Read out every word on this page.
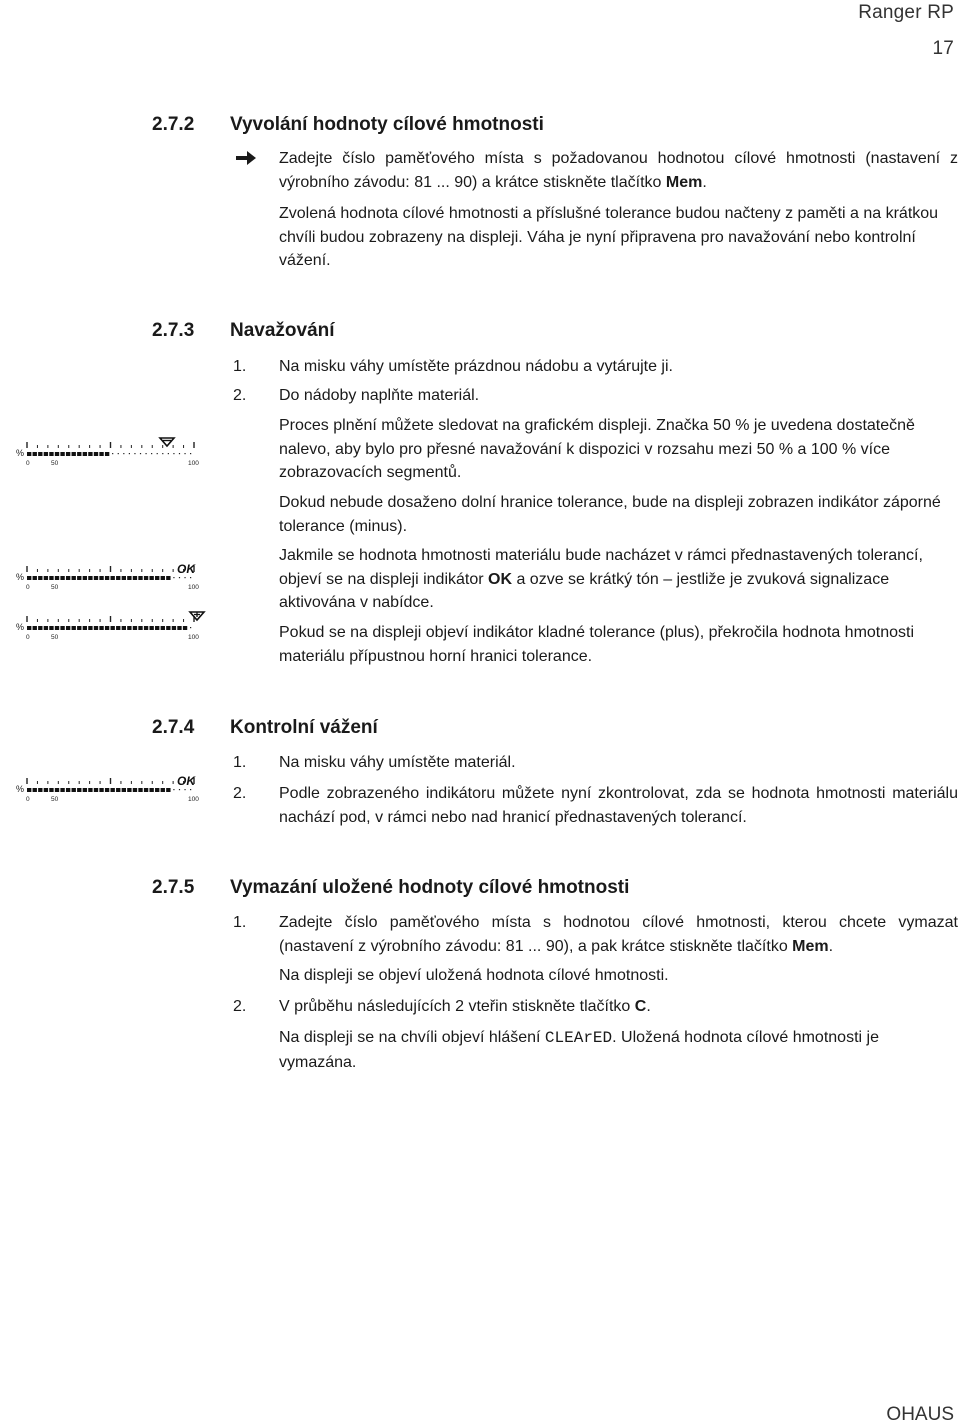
Ranger RP
17
2.7.2 Vyvolání hodnoty cílové hmotnosti
Zadejte číslo paměťového místa s požadovanou hodnotou cílové hmotnosti (nastavení z výrobního závodu: 81 ... 90) a krátce stiskněte tlačítko Mem.
Zvolená hodnota cílové hmotnosti a příslušné tolerance budou načteny z paměti a na krátkou chvíli budou zobrazeny na displeji. Váha je nyní připravena pro navažování nebo kontrolní vážení.
2.7.3 Navažování
1. Na misku váhy umístěte prázdnou nádobu a vytárujte ji.
2. Do nádoby naplňte materiál.
Proces plnění můžete sledovat na grafickém displeji. Značka 50 % je uvedena dostatečně nalevo, aby bylo pro přesné navažování k dispozici v rozsahu mezi 50 % a 100 % více zobrazovacích segmentů.
Dokud nebude dosaženo dolní hranice tolerance, bude na displeji zobrazen indikátor záporné tolerance (minus).
Jakmile se hodnota hmotnosti materiálu bude nacházet v rámci přednastavených tolerancí, objeví se na displeji indikátor OK a ozve se krátký tón – jestliže je zvuková signalizace aktivována v nabídce.
Pokud se na displeji objeví indikátor kladné tolerance (plus), překročila hodnota hmotnosti materiálu přípustnou horní hranici tolerance.
%
0	50	100
%
0	50	100
OK
%
0	50	100
%
0	50	100
OK
2.7.4 Kontrolní vážení
1. Na misku váhy umístěte materiál.
2. Podle zobrazeného indikátoru můžete nyní zkontrolovat, zda se hodnota hmotnosti materiálu nachází pod, v rámci nebo nad hranicí přednastavených tolerancí.
2.7.5 Vymazání uložené hodnoty cílové hmotnosti
1. Zadejte číslo paměťového místa s hodnotou cílové hmotnosti, kterou chcete vymazat (nastavení z výrobního závodu: 81 ... 90), a pak krátce stiskněte tlačítko Mem.
Na displeji se objeví uložená hodnota cílové hmotnosti.
2. V průběhu následujících 2 vteřin stiskněte tlačítko C.
Na displeji se na chvíli objeví hlášení CLEArED. Uložená hodnota cílové hmotnosti je vymazána.
OHAUS
